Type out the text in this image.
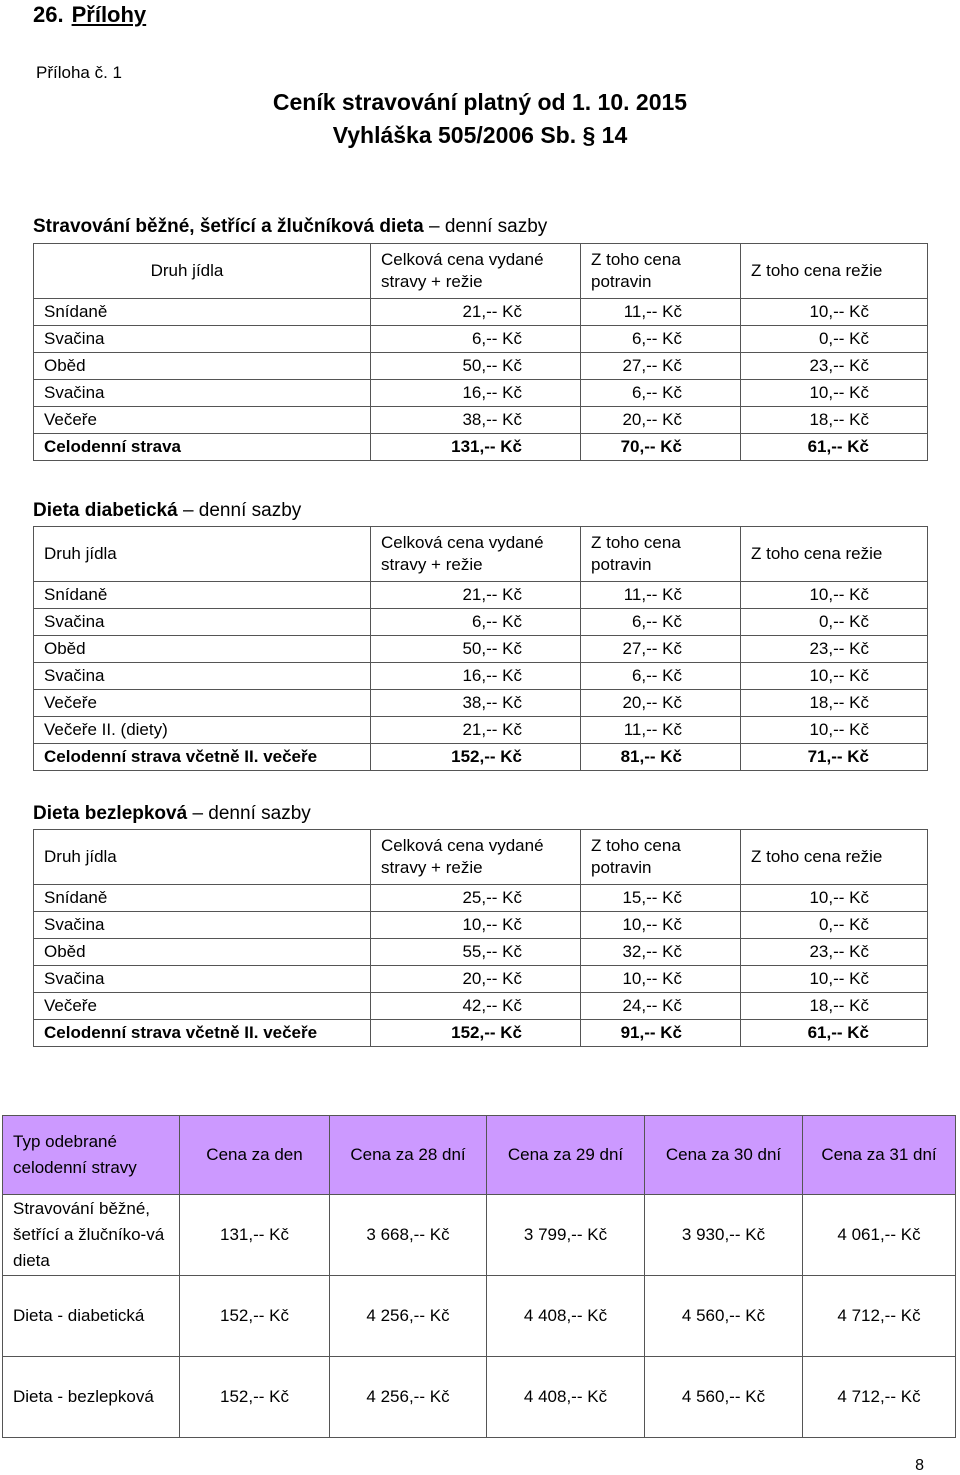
26. Přílohy
Příloha č. 1
Ceník stravování platný od 1. 10. 2015
Vyhláška 505/2006 Sb. § 14
Stravování běžné, šetřící a žlučníková dieta – denní sazby
Druh jídla	Celková cena vydané stravy + režie	Z toho cena potravin	Z toho cena režie
Snídaně	21,-- Kč	11,-- Kč	10,-- Kč
Svačina	6,-- Kč	6,-- Kč	0,-- Kč
Oběd	50,-- Kč	27,-- Kč	23,-- Kč
Svačina	16,-- Kč	6,-- Kč	10,-- Kč
Večeře	38,-- Kč	20,-- Kč	18,-- Kč
Celodenní strava	131,-- Kč	70,-- Kč	61,-- Kč
Dieta diabetická – denní sazby
Druh jídla	Celková cena vydané stravy + režie	Z toho cena potravin	Z toho cena režie
Snídaně	21,-- Kč	11,-- Kč	10,-- Kč
Svačina	6,-- Kč	6,-- Kč	0,-- Kč
Oběd	50,-- Kč	27,-- Kč	23,-- Kč
Svačina	16,-- Kč	6,-- Kč	10,-- Kč
Večeře	38,-- Kč	20,-- Kč	18,-- Kč
Večeře II. (diety)	21,-- Kč	11,-- Kč	10,-- Kč
Celodenní strava včetně II. večeře	152,-- Kč	81,-- Kč	71,-- Kč
Dieta bezlepková – denní sazby
Druh jídla	Celková cena vydané stravy + režie	Z toho cena potravin	Z toho cena režie
Snídaně	25,-- Kč	15,-- Kč	10,-- Kč
Svačina	10,-- Kč	10,-- Kč	0,-- Kč
Oběd	55,-- Kč	32,-- Kč	23,-- Kč
Svačina	20,-- Kč	10,-- Kč	10,-- Kč
Večeře	42,-- Kč	24,-- Kč	18,-- Kč
Celodenní strava včetně II. večeře	152,-- Kč	91,-- Kč	61,-- Kč
Typ odebrané celodenní stravy	Cena za den	Cena za 28 dní	Cena za 29 dní	Cena za 30 dní	Cena za 31 dní
Stravování běžné, šetřící a žlučníko-vá dieta	131,-- Kč	3 668,-- Kč	3 799,-- Kč	3 930,-- Kč	4 061,-- Kč
Dieta - diabetická	152,-- Kč	4 256,-- Kč	4 408,-- Kč	4 560,-- Kč	4 712,-- Kč
Dieta - bezlepková	152,-- Kč	4 256,-- Kč	4 408,-- Kč	4 560,-- Kč	4 712,-- Kč
8
